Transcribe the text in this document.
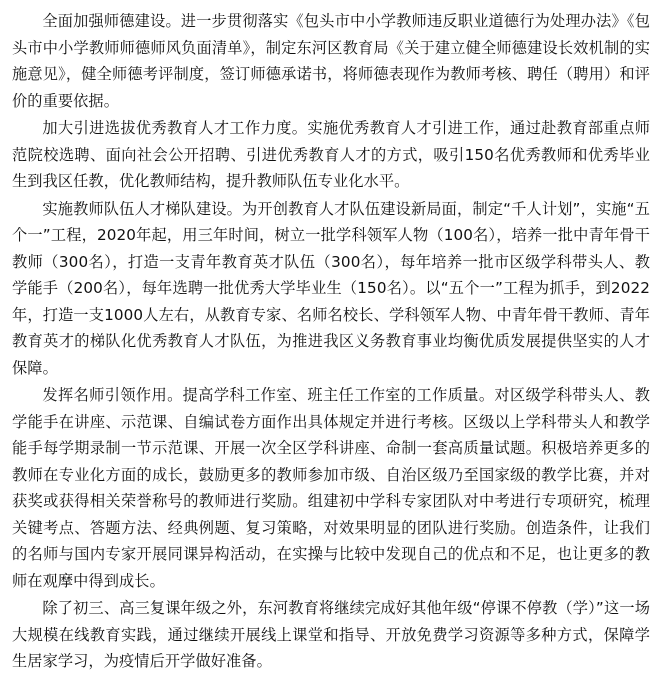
全面加强师德建设。进一步贯彻落实《包头市中小学教师违反职业道德行为处理办法》《包头市中小学教师师德师风负面清单》，制定东河区教育局《关于建立健全师德建设长效机制的实施意见》，健全师德考评制度，签订师德承诺书，将师德表现作为教师考核、聘任（聘用）和评价的重要依据。

加大引进选拔优秀教育人才工作力度。实施优秀教育人才引进工作，通过赴教育部重点师范院校选聘、面向社会公开招聘、引进优秀教育人才的方式，吸引150名优秀教师和优秀毕业生到我区任教，优化教师结构，提升教师队伍专业化水平。

实施教师队伍人才梯队建设。为开创教育人才队伍建设新局面，制定“千人计划”，实施“五个一”工程，2020年起，用三年时间，树立一批学科领军人物（100名），培养一批中青年骨干教师（300名），打造一支青年教育英才队伍（300名），每年培养一批市区级学科带头人、教学能手（200名），每年选聘一批优秀大学毕业生（150名）。以“五个一”工程为抓手，到2022年，打造一支1000人左右，从教育专家、名师名校长、学科领军人物、中青年骨干教师、青年教育英才的梯队化优秀教育人才队伍，为推进我区义务教育事业均衡优质发展提供坚实的人才保障。

发挥名师引领作用。提高学科工作室、班主任工作室的工作质量。对区级学科带头人、教学能手在讲座、示范课、自编试卷方面作出具体规定并进行考核。区级以上学科带头人和教学能手每学期录制一节示范课、开展一次全区学科讲座、命制一套高质量试题。积极培养更多的教师在专业化方面的成长，鼓励更多的教师参加市级、自治区级乃至国家级的教学比赛，并对获奖或获得相关荣誉称号的教师进行奖励。组建初中学科专家团队对中考进行专项研究，梳理关键考点、答题方法、经典例题、复习策略，对效果明显的团队进行奖励。创造条件，让我们的名师与国内专家开展同课异构活动，在实操与比较中发现自己的优点和不足，也让更多的教师在观摩中得到成长。

除了初三、高三复课年级之外，东河教育将继续完成好其他年级“停课不停教（学）”这一场大规模在线教育实践，通过继续开展线上课堂和指导、开放免费学习资源等多种方式，保障学生居家学习，为疫情后开学做好准备。
